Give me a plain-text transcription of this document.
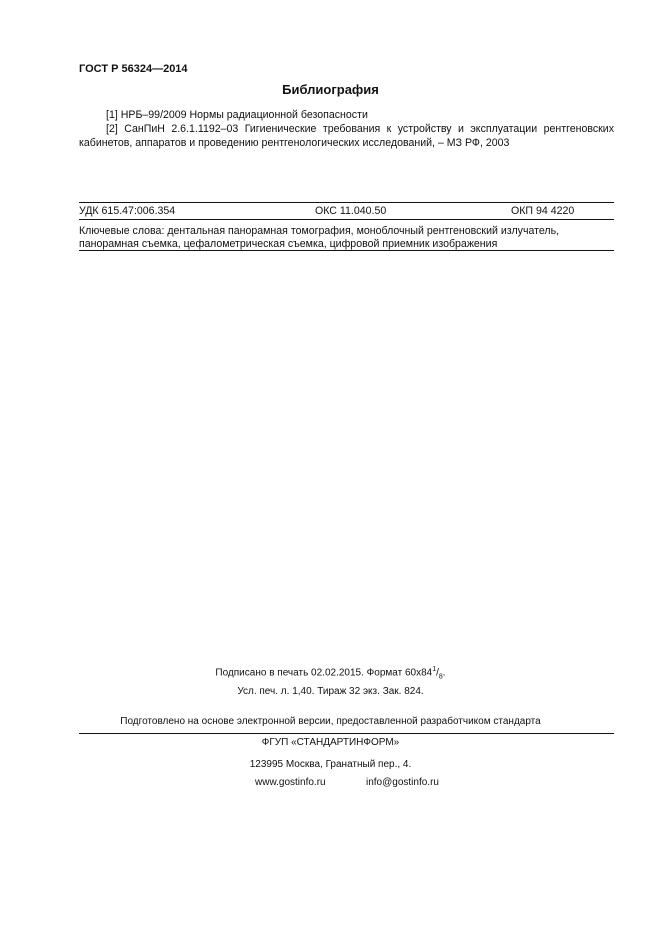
ГОСТ Р 56324—2014
Библиография
[1] НРБ–99/2009 Нормы радиационной безопасности
[2] СанПиН 2.6.1.1192–03 Гигиенические требования к устройству и эксплуатации рентгеновских кабинетов, аппаратов и проведению рентгенологических исследований, – МЗ РФ, 2003
УДК 615.47:006.354	ОКС 11.040.50	ОКП 94 4220
Ключевые слова: дентальная панорамная томография, моноблочный рентгеновский излучатель,
панорамная съемка, цефалометрическая съемка, цифровой приемник изображения
Подписано в печать 02.02.2015. Формат $60х84^1/_8$.
Усл. печ. л. 1,40. Тираж 32 экз. Зак. 824.
Подготовлено на основе электронной версии, предоставленной разработчиком стандарта
ФГУП «СТАНДАРТИНФОРМ»
123995 Москва, Гранатный пер., 4.
www.gostinfo.ru	info@gostinfo.ru
